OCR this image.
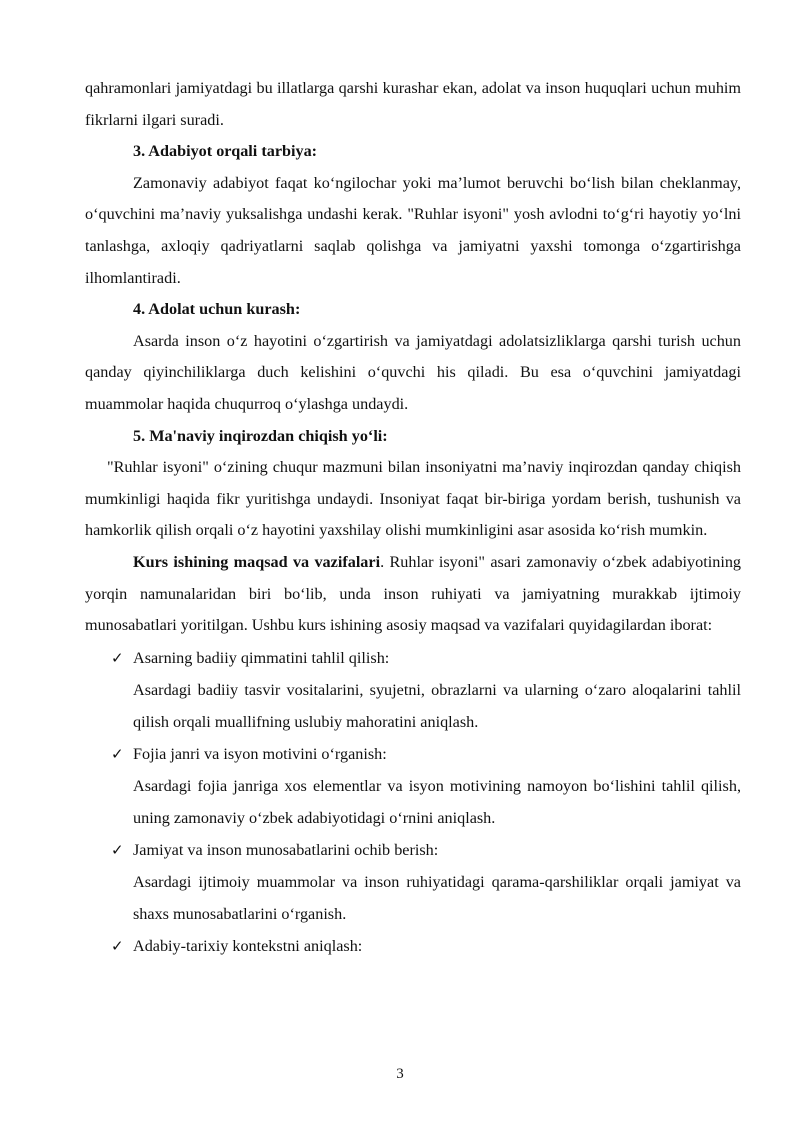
qahramonlari jamiyatdagi bu illatlarga qarshi kurashar ekan, adolat va inson huquqlari uchun muhim fikrlarni ilgari suradi.

3. Adabiyot orqali tarbiya:

Zamonaviy adabiyot faqat ko‘ngilochar yoki ma’lumot beruvchi bo‘lish bilan cheklanmay, o‘quvchini ma’naviy yuksalishga undashi kerak. "Ruhlar isyoni" yosh avlodni to‘g‘ri hayotiy yo‘lni tanlashga, axloqiy qadriyatlarni saqlab qolishga va jamiyatni yaxshi tomonga o‘zgartirishga ilhomlantiradi.

4. Adolat uchun kurash:

Asarda inson o‘z hayotini o‘zgartirish va jamiyatdagi adolatsizliklarga qarshi turish uchun qanday qiyinchiliklarga duch kelishini o‘quvchi his qiladi. Bu esa o‘quvchini jamiyatdagi muammolar haqida chuqurroq o‘ylashga undaydi.

5. Ma'naviy inqirozdan chiqish yo‘li:

"Ruhlar isyoni" o‘zining chuqur mazmuni bilan insoniyatni ma’naviy inqirozdan qanday chiqish mumkinligi haqida fikr yuritishga undaydi. Insoniyat faqat bir-biriga yordam berish, tushunish va hamkorlik qilish orqali o‘z hayotini yaxshilay olishi mumkinligini asar asosida ko‘rish mumkin.

Kurs ishining maqsad va vazifalari. Ruhlar isyoni" asari zamonaviy o‘zbek adabiyotining yorqin namunalaridan biri bo‘lib, unda inson ruhiyati va jamiyatning murakkab ijtimoiy munosabatlari yoritilgan. Ushbu kurs ishining asosiy maqsad va vazifalari quyidagilardan iborat:

✓ Asarning badiiy qimmatini tahlil qilish:
Asardagi badiiy tasvir vositalarini, syujetni, obrazlarni va ularning o‘zaro aloqalarini tahlil qilish orqali muallifning uslubiy mahoratini aniqlash.
✓ Fojia janri va isyon motivini o‘rganish:
Asardagi fojia janriga xos elementlar va isyon motivining namoyon bo‘lishini tahlil qilish, uning zamonaviy o‘zbek adabiyotidagi o‘rnini aniqlash.
✓ Jamiyat va inson munosabatlarini ochib berish:
Asardagi ijtimoiy muammolar va inson ruhiyatidagi qarama-qarshiliklar orqali jamiyat va shaxs munosabatlarini o‘rganish.
✓ Adabiy-tarixiy kontekstni aniqlash:
3
